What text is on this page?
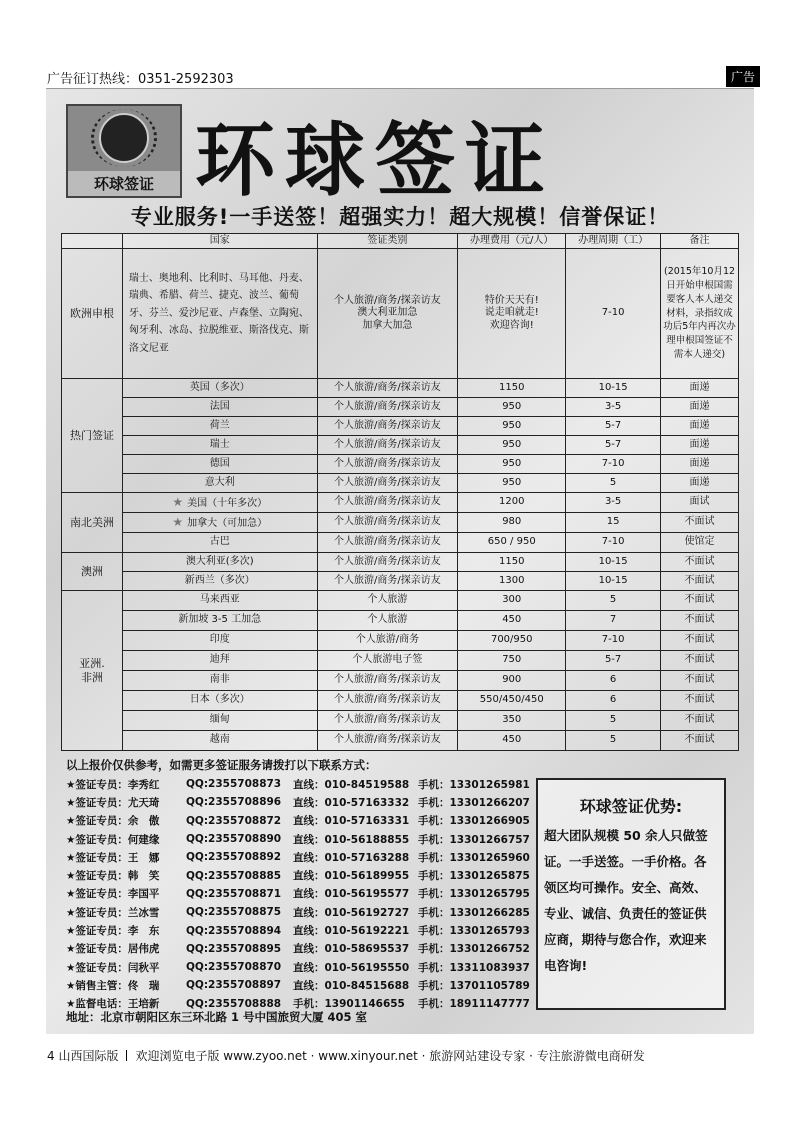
广告征订热线：0351-2592303	广告
环球签证 环球签证
专业服务!一手送签！超强实力！超大规模！信誉保证！
	国家	签证类别	办理费用（元/人）	办理周期（工）	备注
欧洲申根	瑞士、奥地利、比利时、马耳他、丹麦、瑞典、希腊、荷兰、捷克、波兰、葡萄牙、芬兰、爱沙尼亚、卢森堡、立陶宛、匈牙利、冰岛、拉脱维亚、斯洛伐克、斯洛文尼亚	个人旅游/商务/探亲访友
澳大利亚加急
加拿大加急	特价天天有!
说走咱就走!
欢迎咨询!	7-10	(2015年10月12日开始申根国需要客人本人递交材料，录指纹成功后5年内再次办理申根国签证不需本人递交)
热门签证	英国（多次）	个人旅游/商务/探亲访友	1150	10-15	面递
	法国	个人旅游/商务/探亲访友	950	3-5	面递
	荷兰	个人旅游/商务/探亲访友	950	5-7	面递
	瑞士	个人旅游/商务/探亲访友	950	5-7	面递
	德国	个人旅游/商务/探亲访友	950	7-10	面递
	意大利	个人旅游/商务/探亲访友	950	5	面递
南北美洲	★ 美国（十年多次）	个人旅游/商务/探亲访友	1200	3-5	面试
	★ 加拿大（可加急）	个人旅游/商务/探亲访友	980	15	不面试
	古巴	个人旅游/商务/探亲访友	650 / 950	7-10	使馆定
澳洲	澳大利亚(多次)	个人旅游/商务/探亲访友	1150	10-15	不面试
	新西兰（多次）	个人旅游/商务/探亲访友	1300	10-15	不面试
亚洲.
非洲	马来西亚	个人旅游	300	5	不面试
	新加坡 3-5 工加急	个人旅游	450	7	不面试
	印度	个人旅游/商务	700/950	7-10	不面试
	迪拜	个人旅游电子签	750	5-7	不面试
	南非	个人旅游/商务/探亲访友	900	6	不面试
	日本（多次）	个人旅游/商务/探亲访友	550/450/450	6	不面试
	缅甸	个人旅游/商务/探亲访友	350	5	不面试
	越南	个人旅游/商务/探亲访友	450	5	不面试
以上报价仅供参考，如需更多签证服务请拨打以下联系方式：
★签证专员：李秀红	QQ:2355708873	直线：010-84519588 手机：13301265981
★签证专员：尤天琦	QQ:2355708896	直线：010-57163332 手机：13301266207
★签证专员：余　傲	QQ:2355708872	直线：010-57163331 手机：13301266905
★签证专员：何建缘	QQ:2355708890	直线：010-56188855 手机：13301266757
★签证专员：王　娜	QQ:2355708892	直线：010-57163288 手机：13301265960
★签证专员：韩　笑	QQ:2355708885	直线：010-56189955 手机：13301265875
★签证专员：李国平	QQ:2355708871	直线：010-56195577 手机：13301265795
★签证专员：兰冰雪	QQ:2355708875	直线：010-56192727 手机：13301266285
★签证专员：李　东	QQ:2355708894	直线：010-56192221 手机：13301265793
★签证专员：居伟虎	QQ:2355708895	直线：010-58695537 手机：13301266752
★签证专员：闫秋平	QQ:2355708870	直线：010-56195550 手机：13311083937
★销售主管：佟　瑞	QQ:2355708897	直线：010-84515688 手机：13701105789
★监督电话：王培新	QQ:2355708888	手机：13901146655	手机：18911147777
地址：北京市朝阳区东三环北路 1 号中国旅贸大厦 405 室
环球签证优势:
超大团队规模 50 余人只做签证。一手送签。一手价格。各领区均可操作。安全、高效、专业、诚信、负责任的签证供应商，期待与您合作，欢迎来电咨询!
4 山西国际版 欢迎浏览电子版 www.zyoo.net · www.xinyour.net · 旅游网站建设专家 · 专注旅游微电商研发
